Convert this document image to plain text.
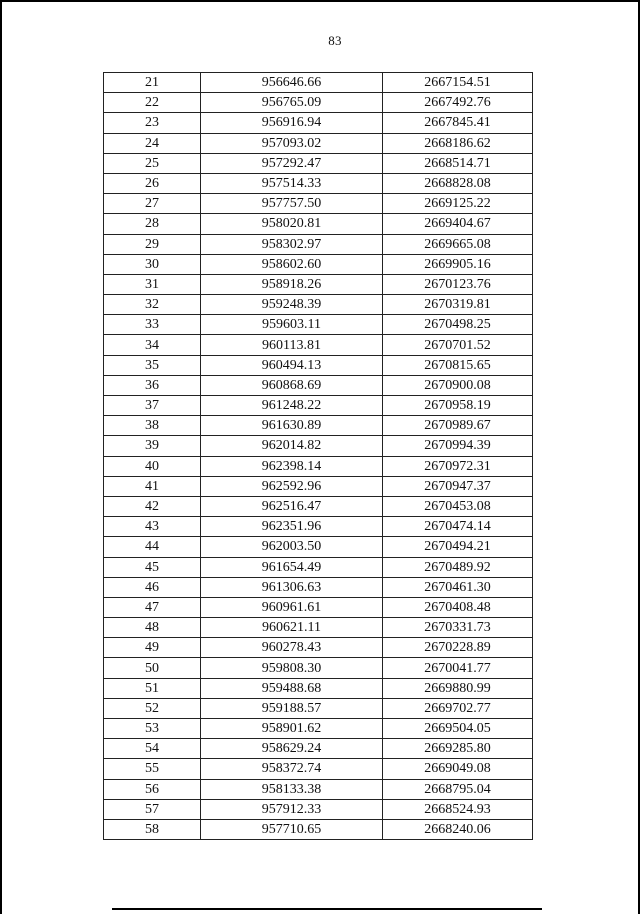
83
21	956646.66	2667154.51
22	956765.09	2667492.76
23	956916.94	2667845.41
24	957093.02	2668186.62
25	957292.47	2668514.71
26	957514.33	2668828.08
27	957757.50	2669125.22
28	958020.81	2669404.67
29	958302.97	2669665.08
30	958602.60	2669905.16
31	958918.26	2670123.76
32	959248.39	2670319.81
33	959603.11	2670498.25
34	960113.81	2670701.52
35	960494.13	2670815.65
36	960868.69	2670900.08
37	961248.22	2670958.19
38	961630.89	2670989.67
39	962014.82	2670994.39
40	962398.14	2670972.31
41	962592.96	2670947.37
42	962516.47	2670453.08
43	962351.96	2670474.14
44	962003.50	2670494.21
45	961654.49	2670489.92
46	961306.63	2670461.30
47	960961.61	2670408.48
48	960621.11	2670331.73
49	960278.43	2670228.89
50	959808.30	2670041.77
51	959488.68	2669880.99
52	959188.57	2669702.77
53	958901.62	2669504.05
54	958629.24	2669285.80
55	958372.74	2669049.08
56	958133.38	2668795.04
57	957912.33	2668524.93
58	957710.65	2668240.06
